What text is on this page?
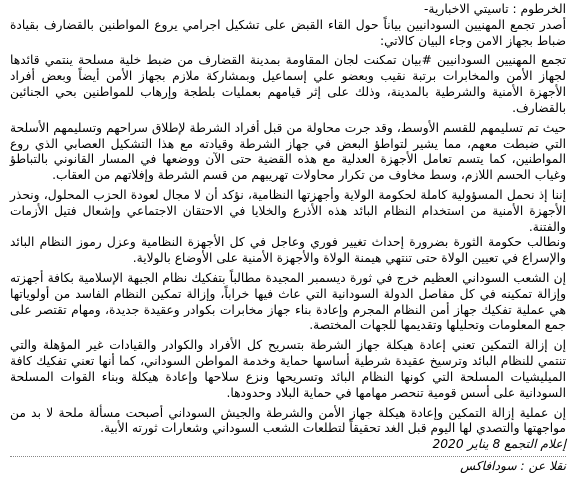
الخرطوم : تاسيتي الاخبارية-

أصدر تجمع المهنيين السودانيين بياناً حول القاء القبض على تشكيل اجرامي يروع المواطنين بالقضارف بقيادة ضباط بجهاز الامن وجاء البيان كالاتي:

تجمع المهنيين السودانيين #بيان تمكنت لجان المقاومة بمدينة القضارف من ضبط خلية مسلحة ينتمي قائدها لجهاز الأمن والمخابرات برتبة نقيب وبعضو علي إسماعيل وبمشاركة ملازم بجهاز الأمن أيضاً وبعض أفراد الأجهزة الأمنية والشرطية بالمدينة، وذلك على إثر قيامهم بعمليات بلطجة وإرهاب للمواطنين بحي الجنائين بالقضارف.

حيث تم تسليمهم للقسم الأوسط، وقد جرت محاولة من قبل أفراد الشرطة لإطلاق سراحهم وتسليمهم الأسلحة التي ضبطت معهم، مما يشير لتواطؤ البعض في جهاز الشرطة وقيادته مع هذا التشكيل العصابي الذي روع المواطنين، كما يتسم تعامل الأجهزة العدلية مع هذه القضية حتى الآن ووضعها في المسار القانوني بالتباطؤ وغياب الحسم اللازم، وسط مخاوف من تكرار محاولات تهريبهم من قسم الشرطة وإفلاتهم من العقاب.

إننا إذ نحمل المسؤولية كاملة لحكومة الولاية وأجهزتها النظامية، نؤكد أن لا مجال لعودة الحزب المحلول، ونحذر الأجهزة الأمنية من استخدام النظام البائد هذه الأذرع والخلايا في الاحتقان الاجتماعي وإشعال فتيل الأزمات والفتنة.

ونطالب حكومة الثورة بضرورة إحداث تغيير فوري وعاجل في كل الأجهزة النظامية وعزل رموز النظام البائد والإسراع في تعيين الولاة حتى تنتهي هيمنة الولاة والأجهزة الأمنية على الأوضاع بالولاية.

إن الشعب السوداني العظيم خرج في ثورة ديسمبر المجيدة مطالباً بتفكيك نظام الجبهة الإسلامية بكافة أجهزته وإزالة تمكينه في كل مفاصل الدولة السودانية التي عاث فيها خراباً، وإزالة تمكين النظام الفاسد من أولوياتها هي عملية تفكيك جهاز أمن النظام المجرم وإعادة بناء جهاز مخابرات بكوادر وعقيدة جديدة، ومهام تقتصر على جمع المعلومات وتحليلها وتقديمها للجهات المختصة.

إن إزالة التمكين تعني إعادة هيكلة جهاز الشرطة بتسريح كل الأفراد والكوادر والقيادات غير المؤهلة والتي تنتمي للنظام البائد وترسيخ عقيدة شرطية أساسها حماية وخدمة المواطن السوداني، كما أنها تعني تفكيك كافة الميليشيات المسلحة التي كونها النظام البائد وتسريحها ونزع سلاحها وإعادة هيكلة وبناء القوات المسلحة السودانية على أسس قومية تنحصر مهامها في حماية البلاد وحدودها.

إن عملية إزالة التمكين وإعادة هيكلة جهاز الأمن والشرطة والجيش السوداني أصبحت مسألة ملحة لا بد من مواجهتها والتصدي لها اليوم قبل الغد تحقيقاً لتطلعات الشعب السوداني وشعارات ثورته الأبية.

إعلام التجمع 8 يناير 2020

نقلا عن : سودافاكس
